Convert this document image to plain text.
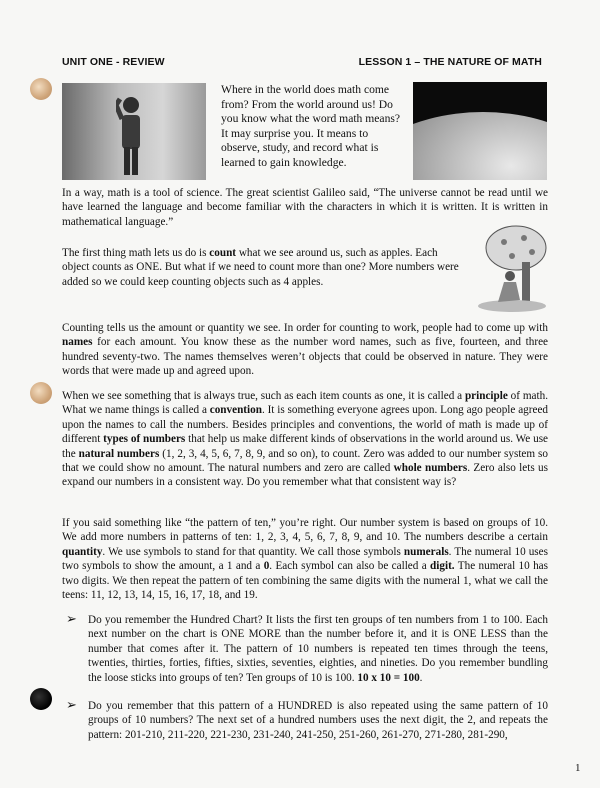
UNIT ONE - REVIEW	LESSON 1 – THE NATURE OF MATH
Where in the world does math come from? From the world around us! Do you know what the word math means? It may surprise you. It means to observe, study, and record what is learned to gain knowledge.

In a way, math is a tool of science. The great scientist Galileo said, “The universe cannot be read until we have learned the language and become familiar with the characters in which it is written. It is written in mathematical language.”

The first thing math lets us do is count what we see around us, such as apples. Each object counts as ONE. But what if we need to count more than one? More numbers were added so we could keep counting objects such as 4 apples.

Counting tells us the amount or quantity we see. In order for counting to work, people had to come up with names for each amount. You know these as the number word names, such as five, fourteen, and three hundred seventy-two. The names themselves weren’t objects that could be observed in nature. They were words that were made up and agreed upon.

When we see something that is always true, such as each item counts as one, it is called a principle of math. What we name things is called a convention. It is something everyone agrees upon. Long ago people agreed upon the names to call the numbers. Besides principles and conventions, the world of math is made up of different types of numbers that help us make different kinds of observations in the world around us. We use the natural numbers (1, 2, 3, 4, 5, 6, 7, 8, 9, and so on), to count. Zero was added to our number system so that we could show no amount. The natural numbers and zero are called whole numbers. Zero also lets us expand our numbers in a consistent way. Do you remember what that consistent way is?

If you said something like “the pattern of ten,” you’re right. Our number system is based on groups of 10. We add more numbers in patterns of ten: 1, 2, 3, 4, 5, 6, 7, 8, 9, and 10. The numbers describe a certain quantity. We use symbols to stand for that quantity. We call those symbols numerals. The numeral 10 uses two symbols to show the amount, a 1 and a 0. Each symbol can also be called a digit. The numeral 10 has two digits. We then repeat the pattern of ten combining the same digits with the numeral 1, what we call the teens: 11, 12, 13, 14, 15, 16, 17, 18, and 19.

➢ Do you remember the Hundred Chart? It lists the first ten groups of ten numbers from 1 to 100. Each next number on the chart is ONE MORE than the number before it, and it is ONE LESS than the number that comes after it. The pattern of 10 numbers is repeated ten times through the teens, twenties, thirties, forties, fifties, sixties, seventies, eighties, and nineties. Do you remember bundling the loose sticks into groups of ten? Ten groups of 10 is 100. 10 x 10 = 100.

➢ Do you remember that this pattern of a HUNDRED is also repeated using the same pattern of 10 groups of 10 numbers? The next set of a hundred numbers uses the next digit, the 2, and repeats the pattern: 201-210, 211-220, 221-230, 231-240, 241-250, 251-260, 261-270, 271-280, 281-290,

1
